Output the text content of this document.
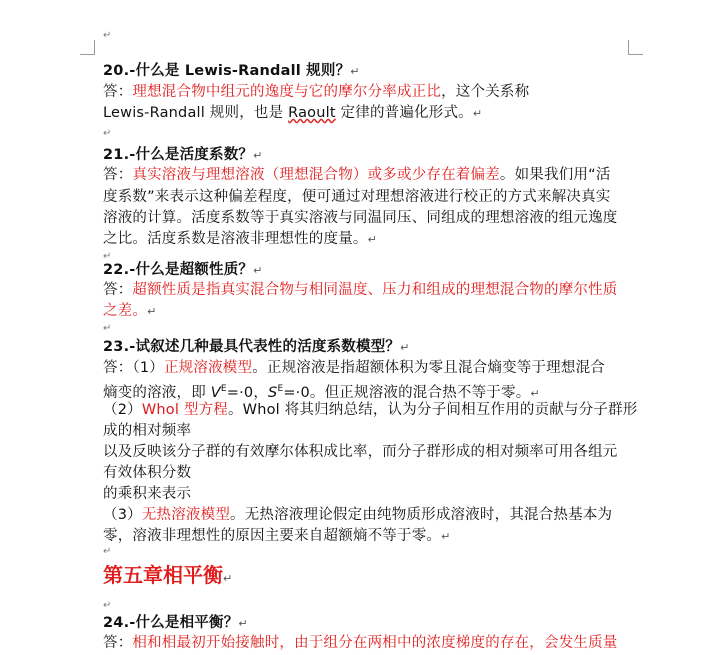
↵
20.-什么是 Lewis-Randall 规则？↵
答：理想混合物中组元的逸度与它的摩尔分率成正比，这个关系称
Lewis-Randall 规则，也是 Raoult 定律的普遍化形式。↵
↵
21.-什么是活度系数？↵
答：真实溶液与理想溶液（理想混合物）或多或少存在着偏差。如果我们用“活
度系数”来表示这种偏差程度，便可通过对理想溶液进行校正的方式来解决真实
溶液的计算。活度系数等于真实溶液与同温同压、同组成的理想溶液的组元逸度
之比。活度系数是溶液非理想性的度量。↵
↵
22.-什么是超额性质？↵
答：超额性质是指真实混合物与相同温度、压力和组成的理想混合物的摩尔性质
之差。↵
↵
23.-试叙述几种最具代表性的活度系数模型？↵
答：（1）正规溶液模型。正规溶液是指超额体积为零且混合熵变等于理想混合
熵变的溶液，即 $V^E=\cdot 0$，$S^E=\cdot 0$。但正规溶液的混合热不等于零。↵
（2）Whol 型方程。Whol 将其归纳总结，认为分子间相互作用的贡献与分子群形
成的相对频率
以及反映该分子群的有效摩尔体积成比率，而分子群形成的相对频率可用各组元
有效体积分数
的乘积来表示
（3）无热溶液模型。无热溶液理论假定由纯物质形成溶液时，其混合热基本为
零，溶液非理想性的原因主要来自超额熵不等于零。↵
↵
第五章相平衡↵
↵
24.-什么是相平衡？↵
答：相和相最初开始接触时，由于组分在两相中的浓度梯度的存在，会发生质量
